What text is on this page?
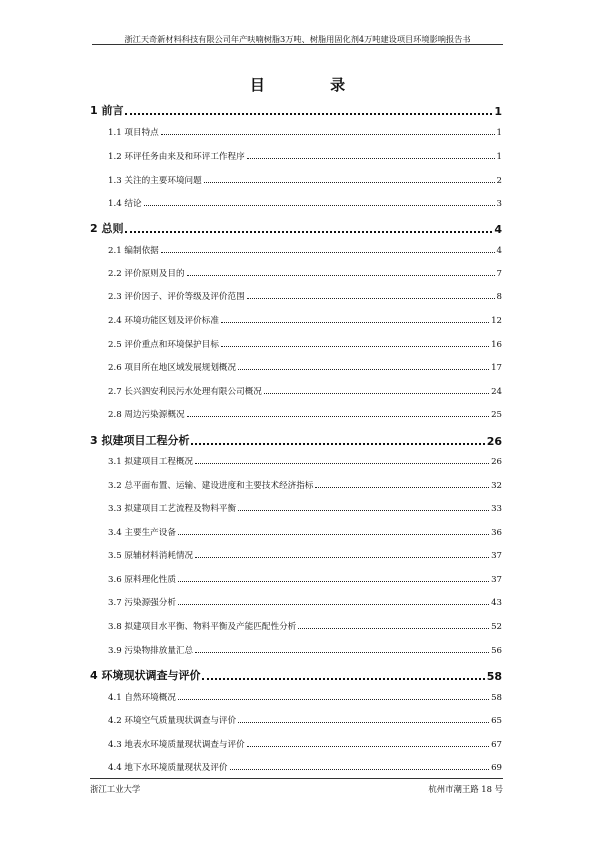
浙江天奇新材料科技有限公司年产呋喃树脂3万吨、树脂用固化剂4万吨建设项目环境影响报告书
目 录
1 前言	1
1.1 项目特点	1
1.2 环评任务由来及和环评工作程序	1
1.3 关注的主要环境问题	2
1.4 结论	3
2 总则	4
2.1 编制依据	4
2.2 评价原则及目的	7
2.3 评价因子、评价等级及评价范围	8
2.4 环境功能区划及评价标准	12
2.5 评价重点和环境保护目标	16
2.6 项目所在地区域发展规划概况	17
2.7 长兴泗安利民污水处理有限公司概况	24
2.8 周边污染源概况	25
3 拟建项目工程分析	26
3.1 拟建项目工程概况	26
3.2 总平面布置、运输、建设进度和主要技术经济指标	32
3.3 拟建项目工艺流程及物料平衡	33
3.4 主要生产设备	36
3.5 原辅材料消耗情况	37
3.6 原料理化性质	37
3.7 污染源强分析	43
3.8 拟建项目水平衡、物料平衡及产能匹配性分析	52
3.9 污染物排放量汇总	56
4 环境现状调查与评价	58
4.1 自然环境概况	58
4.2 环境空气质量现状调查与评价	65
4.3 地表水环境质量现状调查与评价	67
4.4 地下水环境质量现状及评价	69
浙江工业大学	杭州市潮王路 18 号
